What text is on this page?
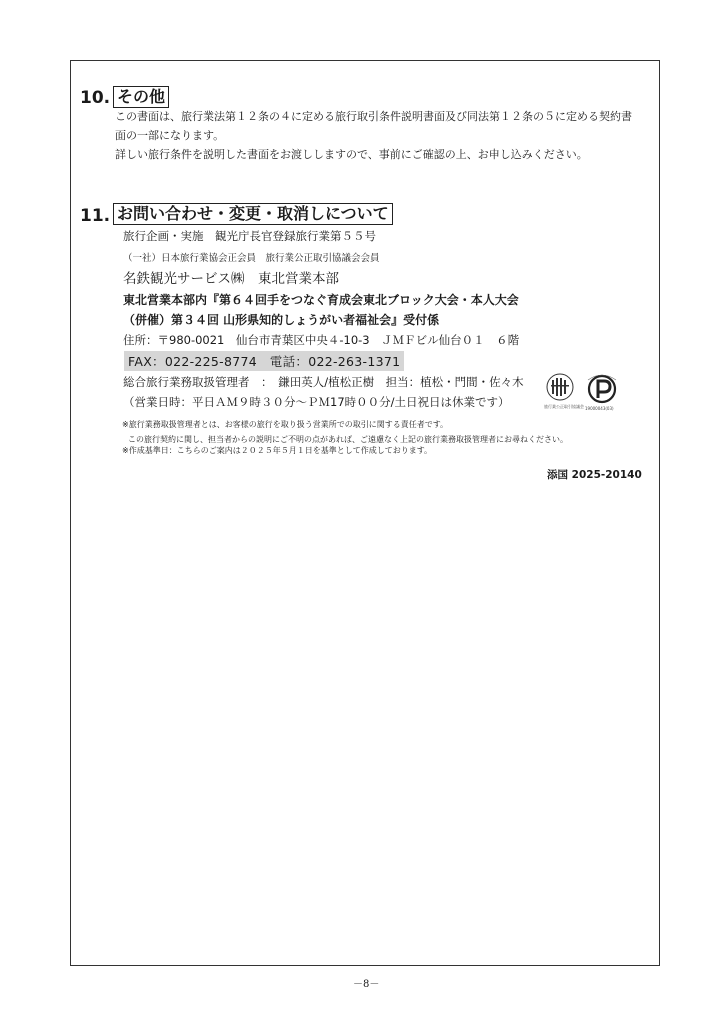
10. その他
この書面は、旅行業法第１２条の４に定める旅行取引条件説明書面及び同法第１２条の５に定める契約書
面の一部になります。
詳しい旅行条件を説明した書面をお渡ししますので、事前にご確認の上、お申し込みください。
11. お問い合わせ・変更・取消しについて
旅行企画・実施　観光庁長官登録旅行業第５５号
（一社）日本旅行業協会正会員　旅行業公正取引協議会会員
名鉄観光サービス㈱　東北営業本部
東北営業本部内『第６４回手をつなぐ育成会東北ブロック大会・本人大会
（併催）第３４回 山形県知的しょうがい者福祉会』受付係
住所：〒980-0021　仙台市青葉区中央４-10-3　ＪＭＦビル仙台０１　６階
FAX：022-225-8774　電話：022-263-1371
総合旅行業務取扱管理者　：　鎌田英人/植松正樹　担当：植松・門間・佐々木
（営業日時：平日ＡＭ９時３０分～ＰＭ17時００分/土日祝日は休業です）	旅行業公正取引協議会 19000043(03)
※旅行業務取扱管理者とは、お客様の旅行を取り扱う営業所での取引に関する責任者です。
この旅行契約に関し、担当者からの説明にご不明の点があれば、ご遠慮なく上記の旅行業務取扱管理者にお尋ねください。
※作成基準日：こちらのご案内は２０２５年５月１日を基準として作成しております。
添国 2025-20140
－8－
